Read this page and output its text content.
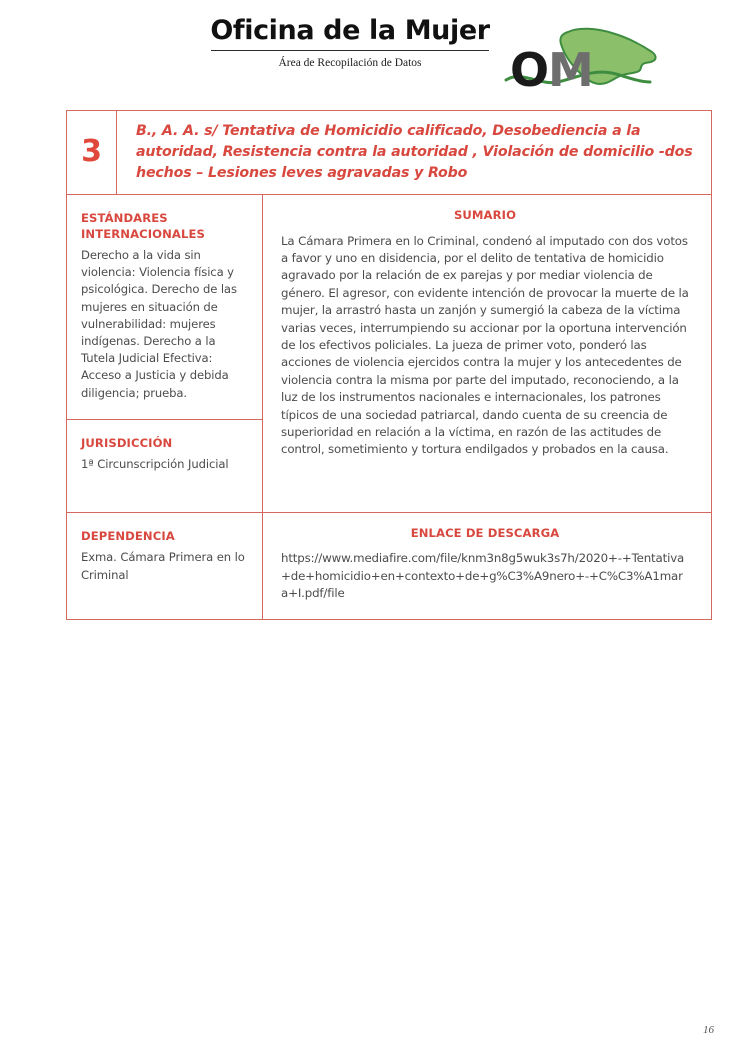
Oficina de la Mujer
Área de Recopilación de Datos	O
M
3
B., A. A. s/ Tentativa de Homicidio calificado, Desobediencia a la autoridad, Resistencia contra la autoridad , Violación de domicilio -dos hechos – Lesiones leves agravadas y Robo
ESTÁNDARES INTERNACIONALES
Derecho a la vida sin violencia: Violencia física y psicológica. Derecho de las mujeres en situación de vulnerabilidad: mujeres indígenas. Derecho a la Tutela Judicial Efectiva: Acceso a Justicia y debida diligencia; prueba.
JURISDICCIÓN
1ª Circunscripción Judicial
SUMARIO
La Cámara Primera en lo Criminal, condenó al imputado con dos votos a favor y uno en disidencia, por el delito de tentativa de homicidio agravado por la relación de ex parejas y por mediar violencia de género. El agresor, con evidente intención de provocar la muerte de la mujer, la arrastró hasta un zanjón y sumergió la cabeza de la víctima varias veces, interrumpiendo su accionar por la oportuna intervención de los efectivos policiales. La jueza de primer voto, ponderó las acciones de violencia ejercidos contra la mujer y los antecedentes de violencia contra la misma por parte del imputado, reconociendo, a la luz de los instrumentos nacionales e internacionales, los patrones típicos de una sociedad patriarcal, dando cuenta de su creencia de superioridad en relación a la víctima, en razón de las actitudes de control, sometimiento y tortura endilgados y probados en la causa.
DEPENDENCIA
Exma. Cámara Primera en lo Criminal
ENLACE DE DESCARGA
https://www.mediafire.com/file/knm3n8g5wuk3s7h/2020+-+Tentativa+de+homicidio+en+contexto+de+g%C3%A9nero+-+C%C3%A1mara+I.pdf/file
16
